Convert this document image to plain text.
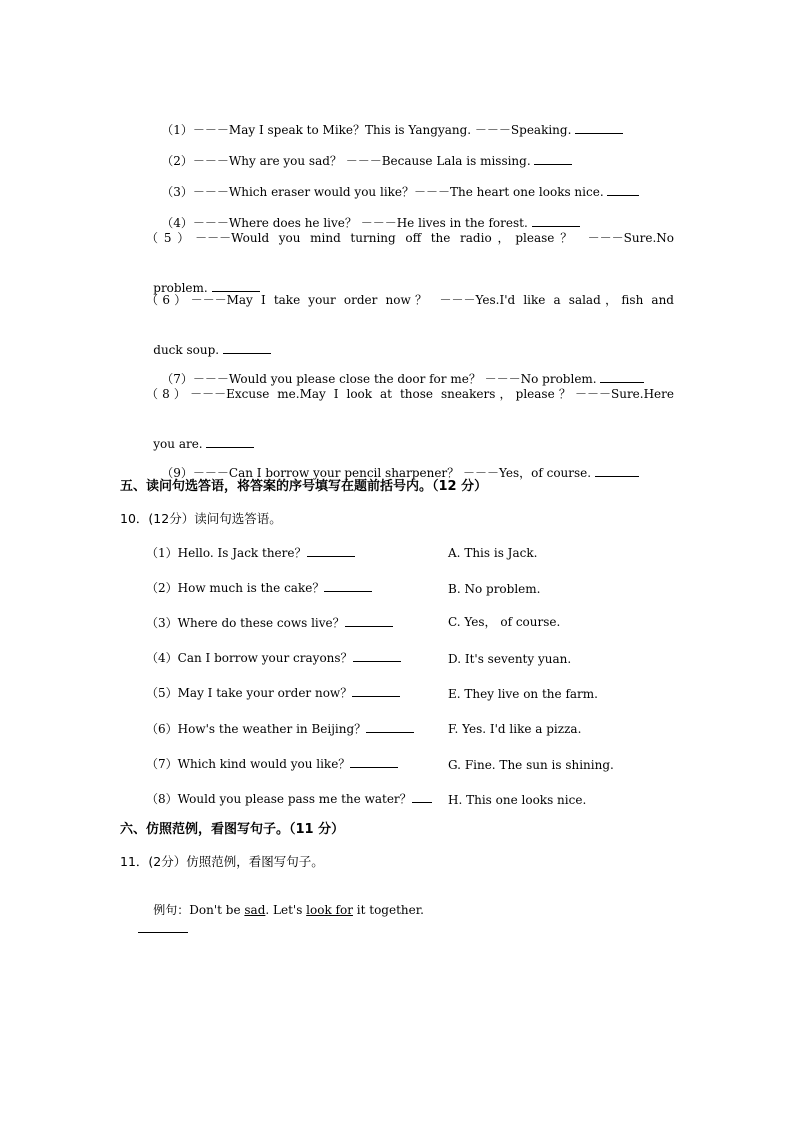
（1）－－－May I speak to Mike？This is Yangyang. －－－Speaking.

（2）－－－Why are you sad？ －－－Because Lala is missing.

（3）－－－Which eraser would you like？－－－The heart one looks nice.

（4）－－－Where does he live？ －－－He lives in the forest.

（5）－－－Would you mind turning off the radio，please？ －－－Sure.No

problem.

（6）－－－May I take your order now？ －－－Yes.I'd like a salad，fish and

duck soup.

（7）－－－Would you please close the door for me？ －－－No problem.

（8）－－－Excuse me.May I look at those sneakers，please？－－－Sure.Here

you are.

（9）－－－Can I borrow your pencil sharpener？ －－－Yes，of course.

五、读问句选答语，将答案的序号填写在题前括号内。（12 分）
10．(12分）读问句选答语。
（1）Hello. Is Jack there？
（2）How much is the cake？
（3）Where do these cows live？
（4）Can I borrow your crayons？
（5）May I take your order now？
（6）How's the weather in Beijing？
（7）Which kind would you like？
（8）Would you please pass me the water？
A. This is Jack.
B. No problem.
C. Yes， of course.
D. It's seventy yuan.
E. They live on the farm.
F. Yes. I'd like a pizza.
G. Fine. The sun is shining.
H. This one looks nice.
六、仿照范例，看图写句子。（11 分）
11．(2分）仿照范例，看图写句子。

例句：Don't be sad. Let's look for it together.
